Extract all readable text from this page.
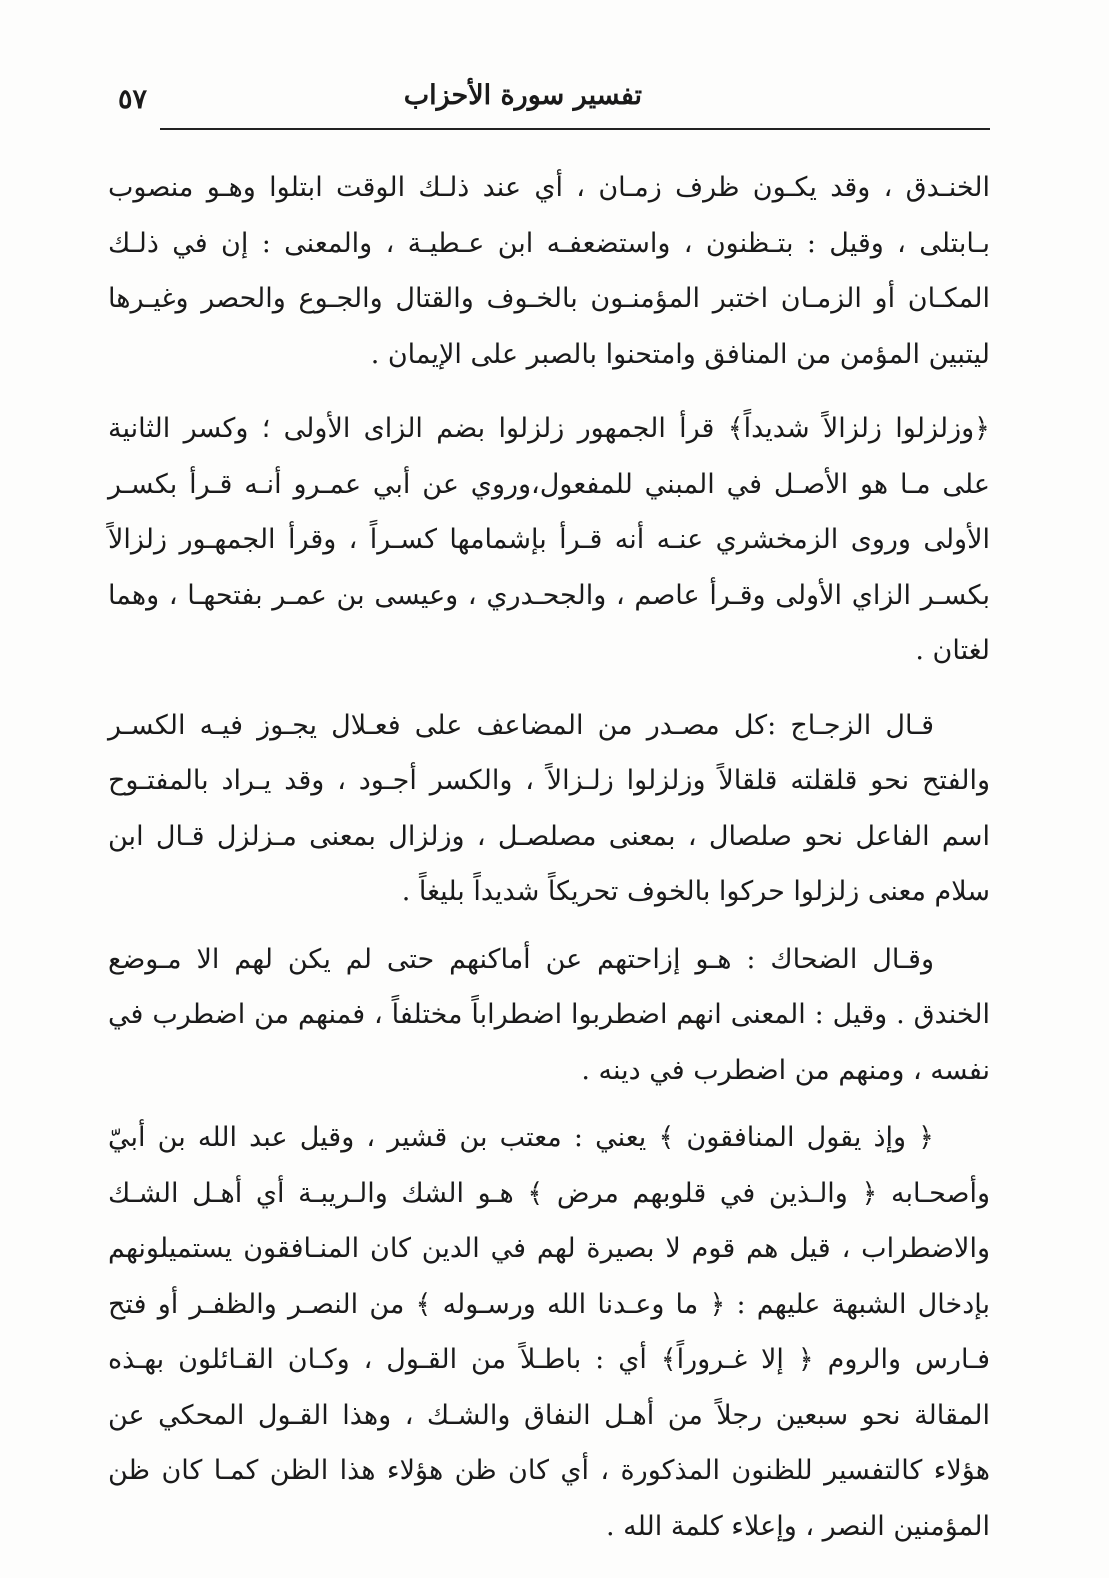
تفسير سورة الأحزاب
٥٧

الخنـدق ، وقد يكـون ظرف زمـان ، أي عند ذلـك الوقت ابتلوا وهـو منصوب بـابتلى ، وقيل : بتـظنون ، واستضعفـه ابن عـطيـة ، والمعنى : إن في ذلـك المكـان أو الزمـان اختبر المؤمنـون بالخـوف والقتال والجـوع والحصر وغيـرها ليتبين المؤمن من المنافق وامتحنوا بالصبر على الإيمان .

﴿وزلزلوا زلزالاً شديداً﴾ قرأ الجمهور زلزلوا بضم الزاى الأولى ؛ وكسر الثانية على مـا هو الأصـل في المبني للمفعول،وروي عن أبي عمـرو أنـه قـرأ بكسـر الأولى وروى الزمخشري عنـه أنه قـرأ بإشمامها كسـراً ، وقرأ الجمهـور زلزالاً بكسـر الزاي الأولى وقـرأ عاصم ، والجحـدري ، وعيسى بن عمـر بفتحهـا ، وهما لغتان .

قـال الزجـاج :كل مصـدر من المضاعف على فعـلال يجـوز فيـه الكسـر والفتح نحو قلقلته قلقالاً وزلزلوا زلـزالاً ، والكسر أجـود ، وقد يـراد بالمفتـوح اسم الفاعل نحو صلصال ، بمعنى مصلصـل ، وزلزال بمعنى مـزلزل قـال ابن سلام معنى زلزلوا حركوا بالخوف تحريكاً شديداً بليغاً .

وقـال الضحاك : هـو إزاحتهم عن أماكنهم حتى لم يكن لهم الا مـوضع الخندق . وقيل : المعنى انهم اضطربوا اضطراباً مختلفاً ، فمنهم من اضطرب في نفسه ، ومنهم من اضطرب في دينه .

﴿ وإذ يقول المنافقون ﴾ يعني : معتب بن قشير ، وقيل عبد الله بن أبيّ وأصحـابه ﴿ والـذين في قلوبهم مرض ﴾ هـو الشك والـريبـة أي أهـل الشـك والاضطراب ، قيل هم قوم لا بصيرة لهم في الدين كان المنـافقون يستميلونهم بإدخال الشبهة عليهم : ﴿ ما وعـدنا الله ورسـوله ﴾ من النصـر والظفـر أو فتح فـارس والروم ﴿ إلا غـروراً﴾ أي : باطـلاً من القـول ، وكـان القـائلون بهـذه المقالة نحو سبعين رجلاً من أهـل النفاق والشـك ، وهذا القـول المحكي عن هؤلاء كالتفسير للظنون المذكورة ، أي كان ظن هؤلاء هذا الظن كمـا كان ظن المؤمنين النصر ، وإعلاء كلمة الله .
